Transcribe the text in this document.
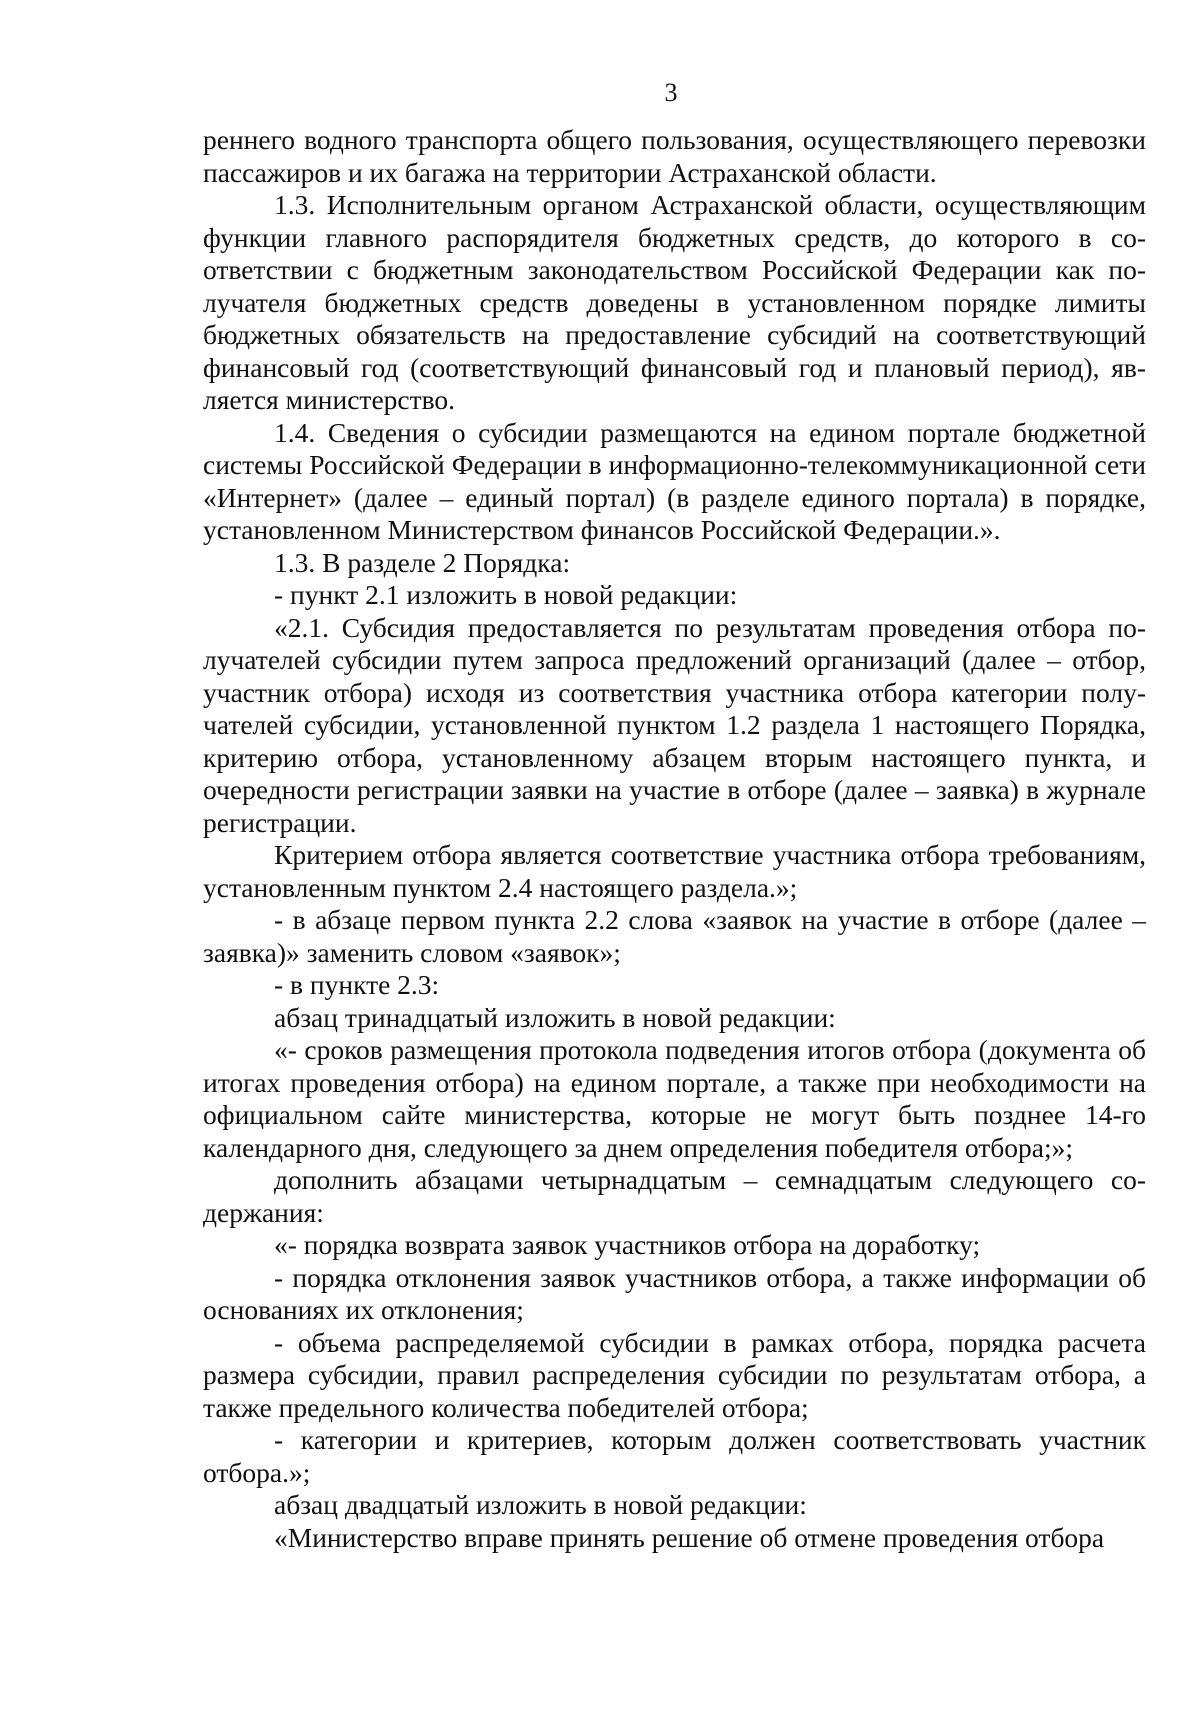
3

реннего водного транспорта общего пользования, осуществляющего перевозки пассажиров и их багажа на территории Астраханской области.

1.3. Исполнительным органом Астраханской области, осуществляющим функции главного распорядителя бюджетных средств, до которого в соответствии с бюджетным законодательством Российской Федерации как получателя бюджетных средств доведены в установленном порядке лимиты бюджетных обязательств на предоставление субсидий на соответствующий финансовый год (соответствующий финансовый год и плановый период), является министерство.

1.4. Сведения о субсидии размещаются на едином портале бюджетной системы Российской Федерации в информационно-телекоммуникационной сети «Интернет» (далее – единый портал) (в разделе единого портала) в порядке, установленном Министерством финансов Российской Федерации.».

1.3. В разделе 2 Порядка:

- пункт 2.1 изложить в новой редакции:

«2.1. Субсидия предоставляется по результатам проведения отбора получателей субсидии путем запроса предложений организаций (далее – отбор, участник отбора) исходя из соответствия участника отбора категории получателей субсидии, установленной пунктом 1.2 раздела 1 настоящего Порядка, критерию отбора, установленному абзацем вторым настоящего пункта, и очередности регистрации заявки на участие в отборе (далее – заявка) в журнале регистрации.

Критерием отбора является соответствие участника отбора требованиям, установленным пунктом 2.4 настоящего раздела.»;

- в абзаце первом пункта 2.2 слова «заявок на участие в отборе (далее – заявка)» заменить словом «заявок»;

- в пункте 2.3:

абзац тринадцатый изложить в новой редакции:

«- сроков размещения протокола подведения итогов отбора (документа об итогах проведения отбора) на едином портале, а также при необходимости на официальном сайте министерства, которые не могут быть позднее 14-го календарного дня, следующего за днем определения победителя отбора;»;

дополнить абзацами четырнадцатым – семнадцатым следующего содержания:

«- порядка возврата заявок участников отбора на доработку;

- порядка отклонения заявок участников отбора, а также информации об основаниях их отклонения;

- объема распределяемой субсидии в рамках отбора, порядка расчета размера субсидии, правил распределения субсидии по результатам отбора, а также предельного количества победителей отбора;

- категории и критериев, которым должен соответствовать участник отбора.»;

абзац двадцатый изложить в новой редакции:

«Министерство вправе принять решение об отмене проведения отбора
